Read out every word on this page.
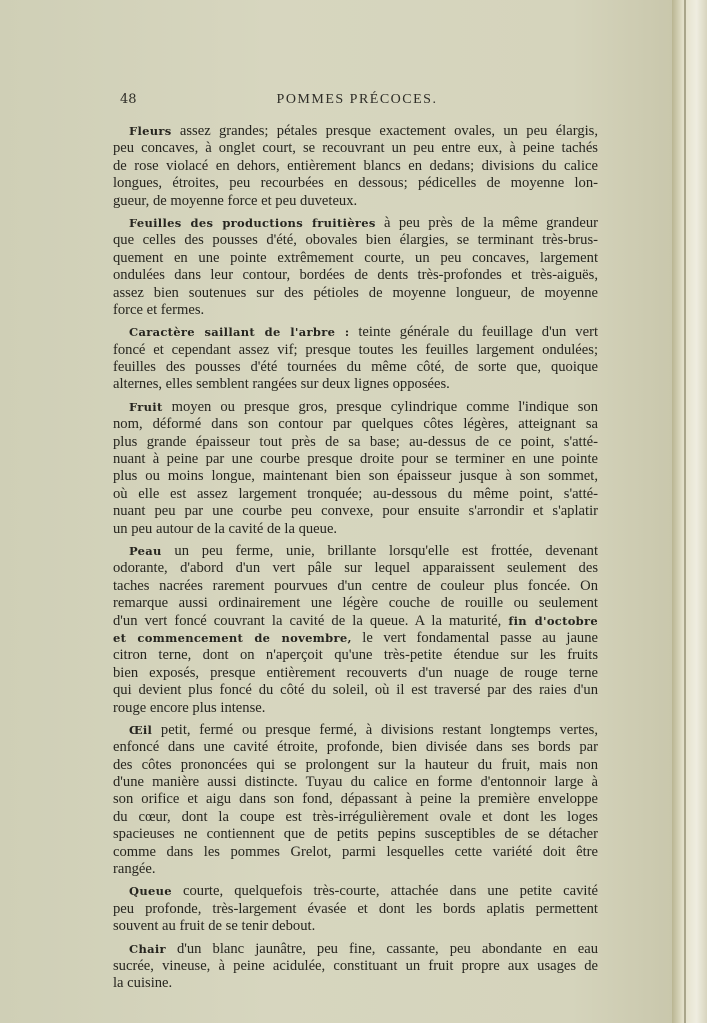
48	POMMES PRÉCOCES.
Fleurs assez grandes; pétales presque exactement ovales, un peu élargis,
peu concaves, à onglet court, se recouvrant un peu entre eux, à peine tachés
de rose violacé en dehors, entièrement blancs en dedans; divisions du calice
longues, étroites, peu recourbées en dessous; pédicelles de moyenne lon-
gueur, de moyenne force et peu duveteux.
Feuilles des productions fruitières à peu près de la même grandeur
que celles des pousses d'été, obovales bien élargies, se terminant très-brus-
quement en une pointe extrêmement courte, un peu concaves, largement
ondulées dans leur contour, bordées de dents très-profondes et très-aiguës,
assez bien soutenues sur des pétioles de moyenne longueur, de moyenne
force et fermes.
Caractère saillant de l'arbre : teinte générale du feuillage d'un vert
foncé et cependant assez vif; presque toutes les feuilles largement ondulées;
feuilles des pousses d'été tournées du même côté, de sorte que, quoique
alternes, elles semblent rangées sur deux lignes opposées.
Fruit moyen ou presque gros, presque cylindrique comme l'indique son
nom, déformé dans son contour par quelques côtes légères, atteignant sa
plus grande épaisseur tout près de sa base; au-dessus de ce point, s'atté-
nuant à peine par une courbe presque droite pour se terminer en une pointe
plus ou moins longue, maintenant bien son épaisseur jusque à son sommet,
où elle est assez largement tronquée; au-dessous du même point, s'atté-
nuant peu par une courbe peu convexe, pour ensuite s'arrondir et s'aplatir
un peu autour de la cavité de la queue.
Peau un peu ferme, unie, brillante lorsqu'elle est frottée, devenant
odorante, d'abord d'un vert pâle sur lequel apparaissent seulement des
taches nacrées rarement pourvues d'un centre de couleur plus foncée. On
remarque aussi ordinairement une légère couche de rouille ou seulement
d'un vert foncé couvrant la cavité de la queue. A la maturité, fin d'octobre
et commencement de novembre, le vert fondamental passe au jaune
citron terne, dont on n'aperçoit qu'une très-petite étendue sur les fruits
bien exposés, presque entièrement recouverts d'un nuage de rouge terne
qui devient plus foncé du côté du soleil, où il est traversé par des raies d'un
rouge encore plus intense.
Œil petit, fermé ou presque fermé, à divisions restant longtemps vertes,
enfoncé dans une cavité étroite, profonde, bien divisée dans ses bords par
des côtes prononcées qui se prolongent sur la hauteur du fruit, mais non
d'une manière aussi distincte. Tuyau du calice en forme d'entonnoir large à
son orifice et aigu dans son fond, dépassant à peine la première enveloppe
du cœur, dont la coupe est très-irrégulièrement ovale et dont les loges
spacieuses ne contiennent que de petits pepins susceptibles de se détacher
comme dans les pommes Grelot, parmi lesquelles cette variété doit être
rangée.
Queue courte, quelquefois très-courte, attachée dans une petite cavité
peu profonde, très-largement évasée et dont les bords aplatis permettent
souvent au fruit de se tenir debout.
Chair d'un blanc jaunâtre, peu fine, cassante, peu abondante en eau
sucrée, vineuse, à peine acidulée, constituant un fruit propre aux usages de
la cuisine.
